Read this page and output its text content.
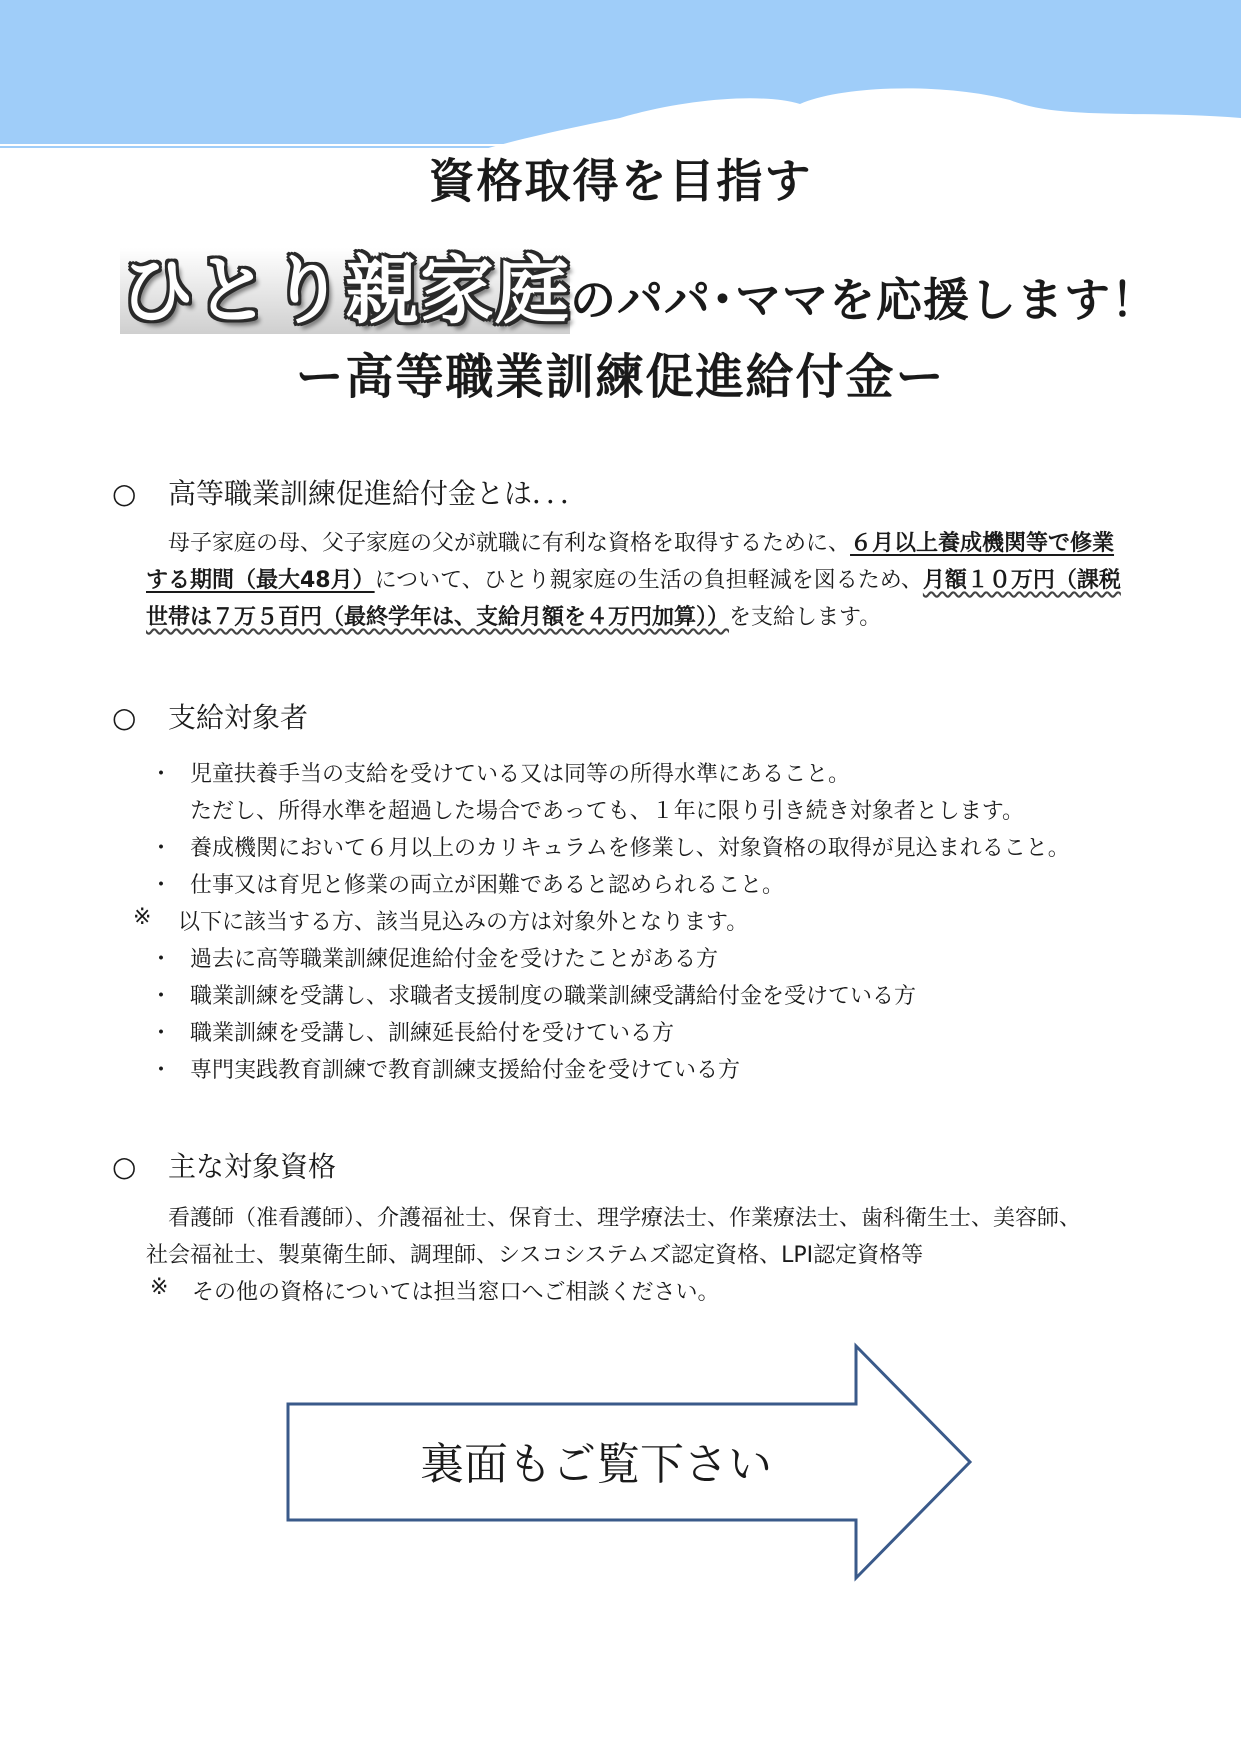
資格取得を目指す
ひとり親家庭のパパ･ママを応援します！
ー高等職業訓練促進給付金ー
○ 高等職業訓練促進給付金とは．．．
母子家庭の母、父子家庭の父が就職に有利な資格を取得するために、６月以上養成機関等で修業する期間（最大48月）について、ひとり親家庭の生活の負担軽減を図るため、月額１０万円（課税世帯は７万５百円（最終学年は、支給月額を４万円加算））を支給します。
○ 支給対象者
・ 児童扶養手当の支給を受けている又は同等の所得水準にあること。
ただし、所得水準を超過した場合であっても、１年に限り引き続き対象者とします。
・ 養成機関において６月以上のカリキュラムを修業し、対象資格の取得が見込まれること。
・ 仕事又は育児と修業の両立が困難であると認められること。
※ 以下に該当する方、該当見込みの方は対象外となります。
・ 過去に高等職業訓練促進給付金を受けたことがある方
・ 職業訓練を受講し、求職者支援制度の職業訓練受講給付金を受けている方
・ 職業訓練を受講し、訓練延長給付を受けている方
・ 専門実践教育訓練で教育訓練支援給付金を受けている方
○ 主な対象資格
看護師（准看護師）、介護福祉士、保育士、理学療法士、作業療法士、歯科衛生士、美容師、
社会福祉士、製菓衛生師、調理師、シスコシステムズ認定資格、LPI認定資格等
※ その他の資格については担当窓口へご相談ください。
裏面もご覧下さい
